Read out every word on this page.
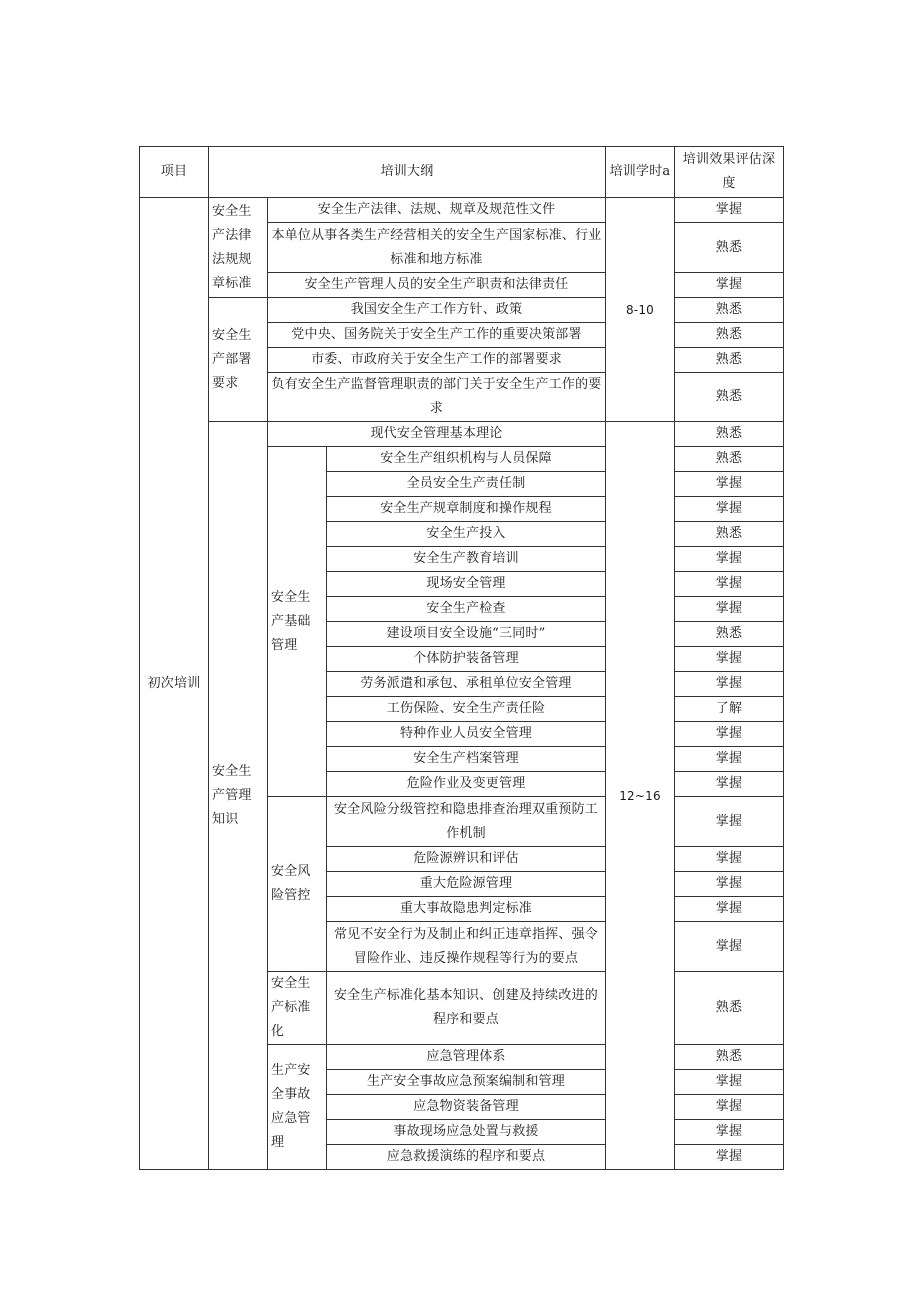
项目	培训大纲			培训学时a	培训效果评估深度
初次培训	安全生产法律法规规章标准	安全生产法律、法规、规章及规范性文件		8-10	掌握
		本单位从事各类生产经营相关的安全生产国家标准、行业标准和地方标准			熟悉
		安全生产管理人员的安全生产职责和法律责任			掌握
	安全生产部署要求	我国安全生产工作方针、政策			熟悉
		党中央、国务院关于安全生产工作的重要决策部署			熟悉
		市委、市政府关于安全生产工作的部署要求			熟悉
		负有安全生产监督管理职责的部门关于安全生产工作的要求			熟悉
	安全生产管理知识	现代安全管理基本理论		12~16	熟悉
		安全生产基础管理	安全生产组织机构与人员保障		熟悉
			全员安全生产责任制		掌握
			安全生产规章制度和操作规程		掌握
			安全生产投入		熟悉
			安全生产教育培训		掌握
			现场安全管理		掌握
			安全生产检查		掌握
			建设项目安全设施“三同时”		熟悉
			个体防护装备管理		掌握
			劳务派遣和承包、承租单位安全管理		掌握
			工伤保险、安全生产责任险		了解
			特种作业人员安全管理		掌握
			安全生产档案管理		掌握
			危险作业及变更管理		掌握
		安全风险管控	安全风险分级管控和隐患排查治理双重预防工作机制		掌握
			危险源辨识和评估		掌握
			重大危险源管理		掌握
			重大事故隐患判定标准		掌握
			常见不安全行为及制止和纠正违章指挥、强令冒险作业、违反操作规程等行为的要点		掌握
		安全生产标准化	安全生产标准化基本知识、创建及持续改进的程序和要点		熟悉
		生产安全事故应急管理	应急管理体系		熟悉
			生产安全事故应急预案编制和管理		掌握
			应急物资装备管理		掌握
			事故现场应急处置与救援		掌握
			应急救援演练的程序和要点		掌握
